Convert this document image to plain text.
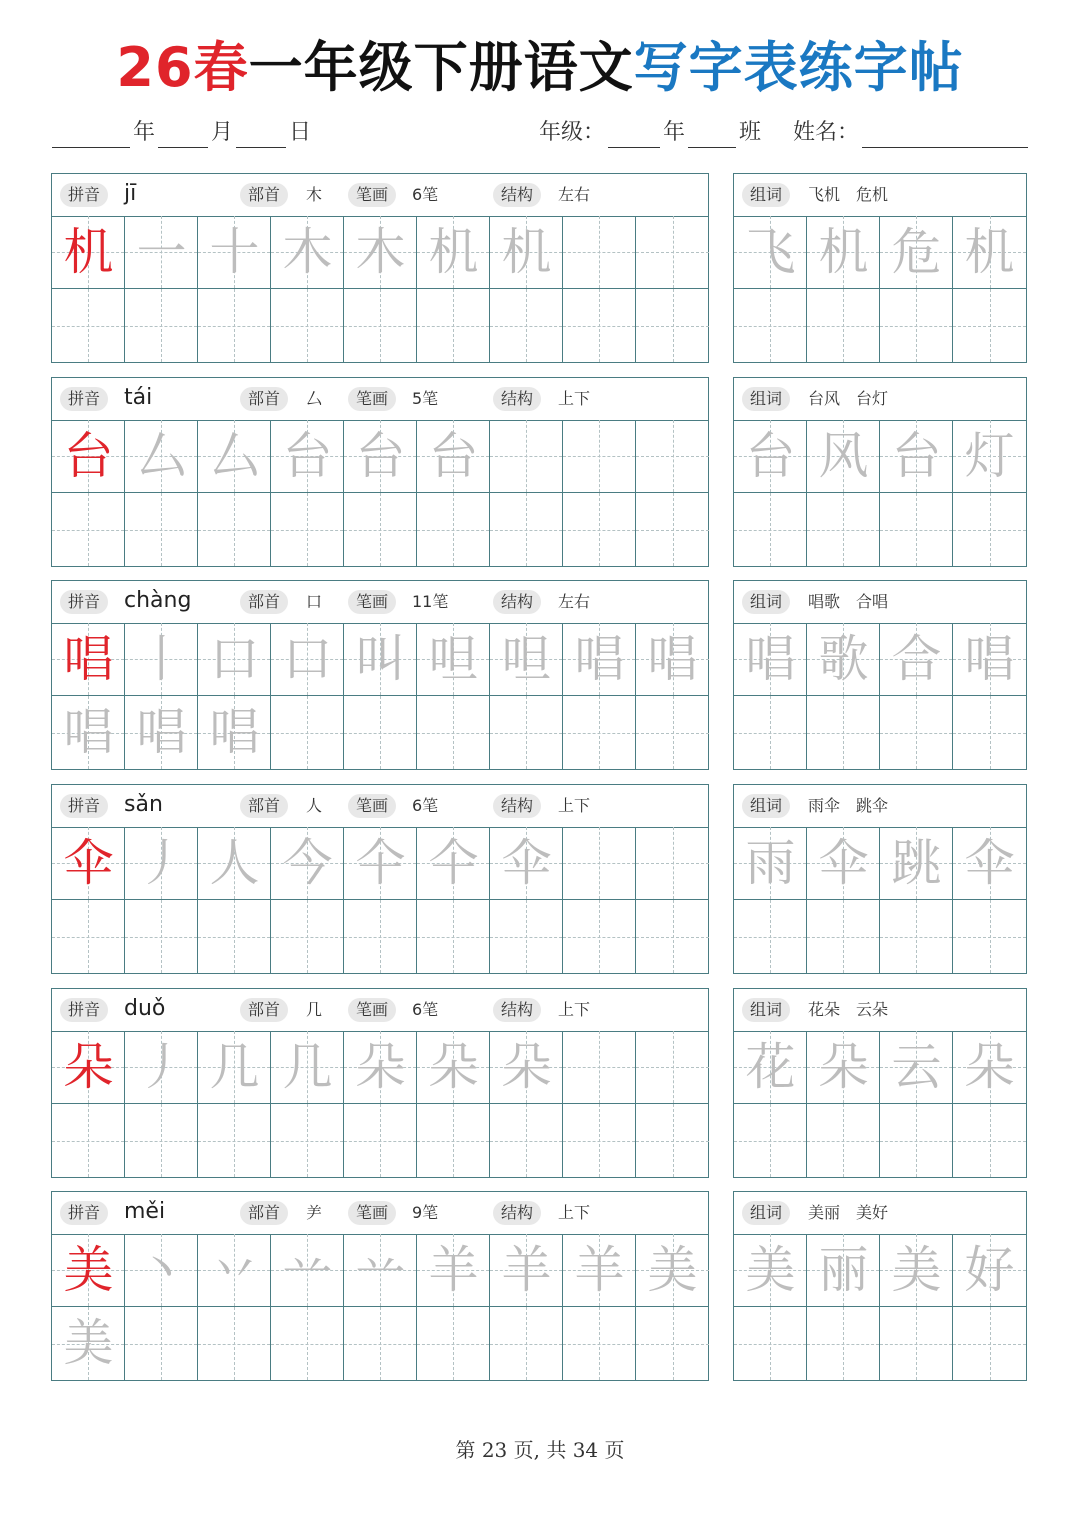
26春一年级下册语文写字表练字帖
年	月	日	年级：	年 班 姓名：
拼音	jī	部首	木	笔画	6笔	结构	左右
机 一 十 木 木 机 机
组词	飞机　危机
飞 机 危 机
拼音	tái	部首	厶	笔画	5笔	结构	上下
台 厶 厶 台 台 台
组词	台风　台灯
台 风 台 灯
拼音	chàng	部首	口	笔画	11笔	结构	左右
唱 丨 口 口 叫 呾 呾 唱 唱
唱 唱 唱
组词	唱歌　合唱
唱 歌 合 唱
拼音	sǎn	部首	人	笔画	6笔	结构	上下
伞 丿 人 今 仐 仐 伞
组词	雨伞　跳伞
雨 伞 跳 伞
拼音	duǒ	部首	几	笔画	6笔	结构	上下
朵 丿 几 几 朵 朵 朵
组词	花朵　云朵
花 朵 云 朵
拼音	měi	部首	⺶	笔画	9笔	结构	上下
美 丶 丷 䒑 䒑 羊 羊 羊 美
美
组词	美丽　美好
美 丽 美 好
第 23 页, 共 34 页
